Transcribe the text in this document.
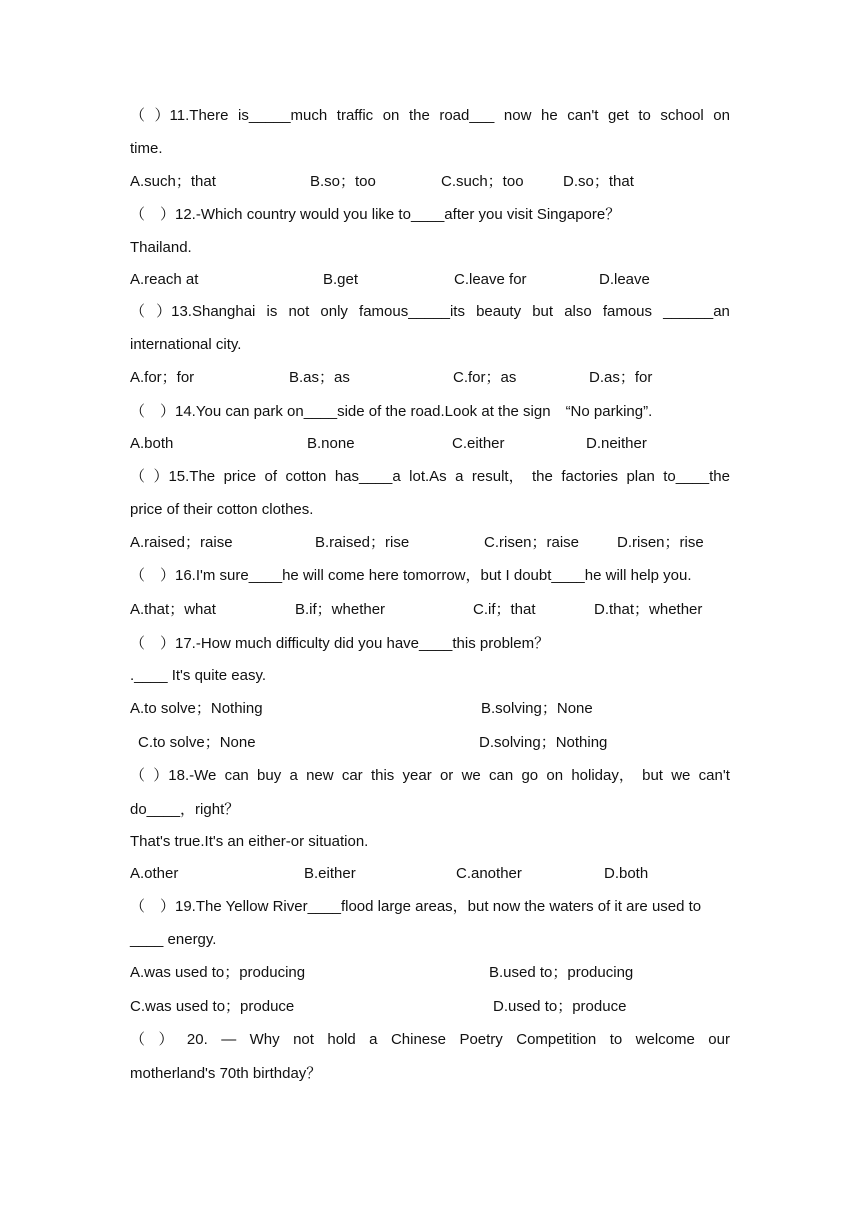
（ ）11.There is_____much traffic on the road___ now he can't get to school on
time.
A.such；that	B.so；too	C.such；too	D.so；that
（　）12.-Which country would you like to____after you visit Singapore？
Thailand.
A.reach at	B.get	C.leave for	D.leave
（ ）13.Shanghai is not only famous_____its beauty but also famous ______an
international city.
A.for；for	B.as；as	C.for；as	D.as；for
（　）14.You can park on____side of the road.Look at the sign　“No parking”.
A.both	B.none	C.either	D.neither
（ ）15.The price of cotton has____a lot.As a result， the factories plan to____the
price of their cotton clothes.
A.raised；raise	B.raised；rise	C.risen；raise	D.risen；rise
（　）16.I'm sure____he will come here tomorrow，but I doubt____he will help you.
A.that；what	B.if；whether	C.if；that	D.that；whether
（　）17.-How much difficulty did you have____this problem？
.____ It's quite easy.
A.to solve；Nothing	B.solving；None
C.to solve；None	D.solving；Nothing
（ ）18.-We can buy a new car this year or we can go on holiday， but we can't
do____，right？
That's true.It's an either-or situation.
A.other	B.either	C.another	D.both
（　）19.The Yellow River____flood large areas，but now the waters of it are used to
____ energy.
A.was used to；producing	B.used to；producing
C.was used to；produce	D.used to；produce
（ ） 20. — Why not hold a Chinese Poetry Competition to welcome our
motherland's 70th birthday？
